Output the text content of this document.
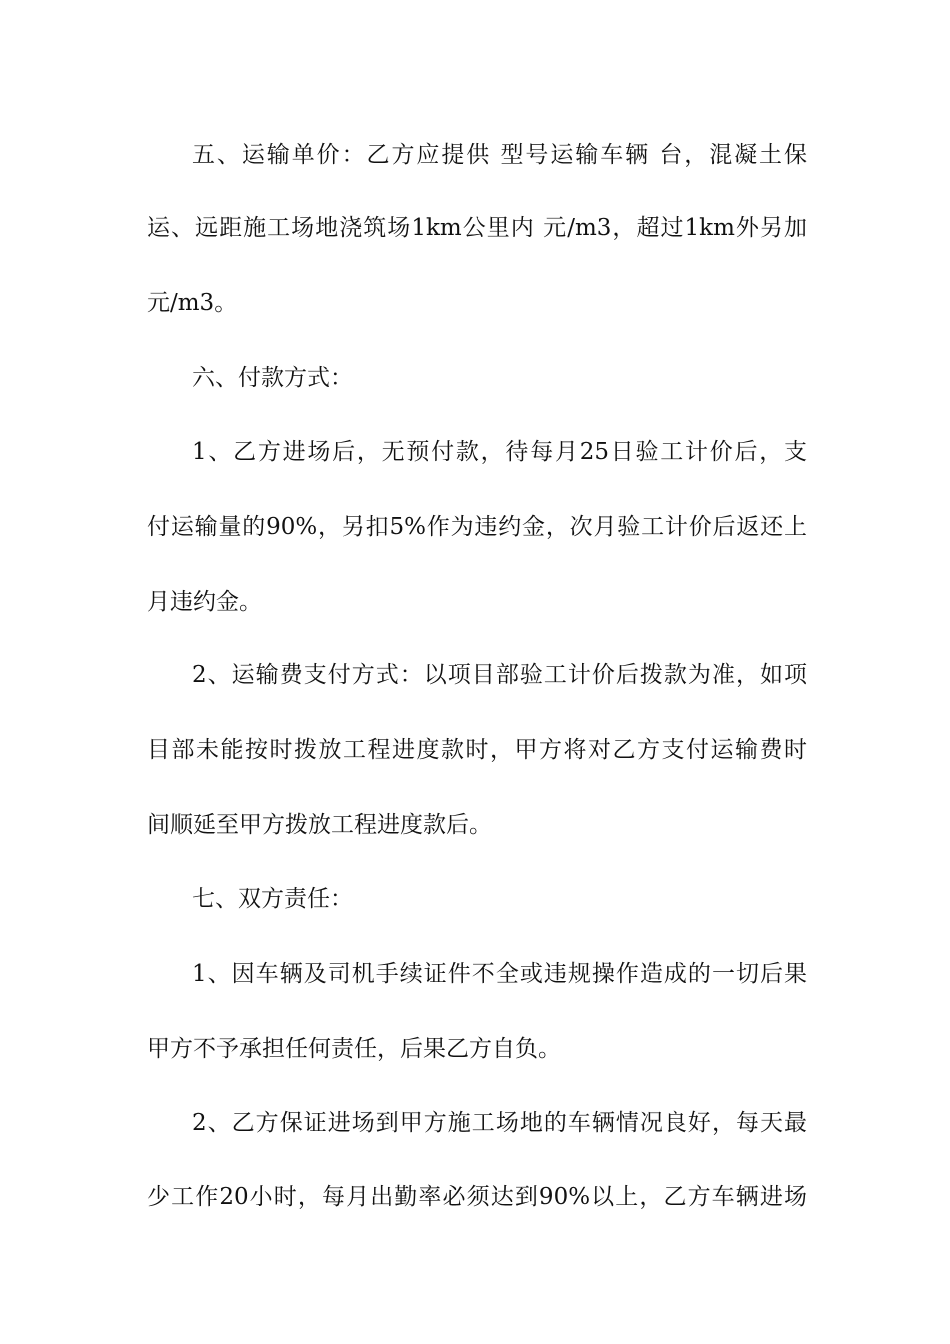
五、运输单价：乙方应提供 型号运输车辆 台，混凝土保
运、远距施工场地浇筑场1km公里内 元/m3，超过1km外另加
元/m3。
六、付款方式：
1、乙方进场后，无预付款，待每月25日验工计价后，支
付运输量的90%，另扣5%作为违约金，次月验工计价后返还上
月违约金。
2、运输费支付方式：以项目部验工计价后拨款为准，如项
目部未能按时拨放工程进度款时，甲方将对乙方支付运输费时
间顺延至甲方拨放工程进度款后。
七、双方责任：
1、因车辆及司机手续证件不全或违规操作造成的一切后果
甲方不予承担任何责任，后果乙方自负。
2、乙方保证进场到甲方施工场地的车辆情况良好，每天最
少工作20小时，每月出勤率必须达到90%以上，乙方车辆进场
